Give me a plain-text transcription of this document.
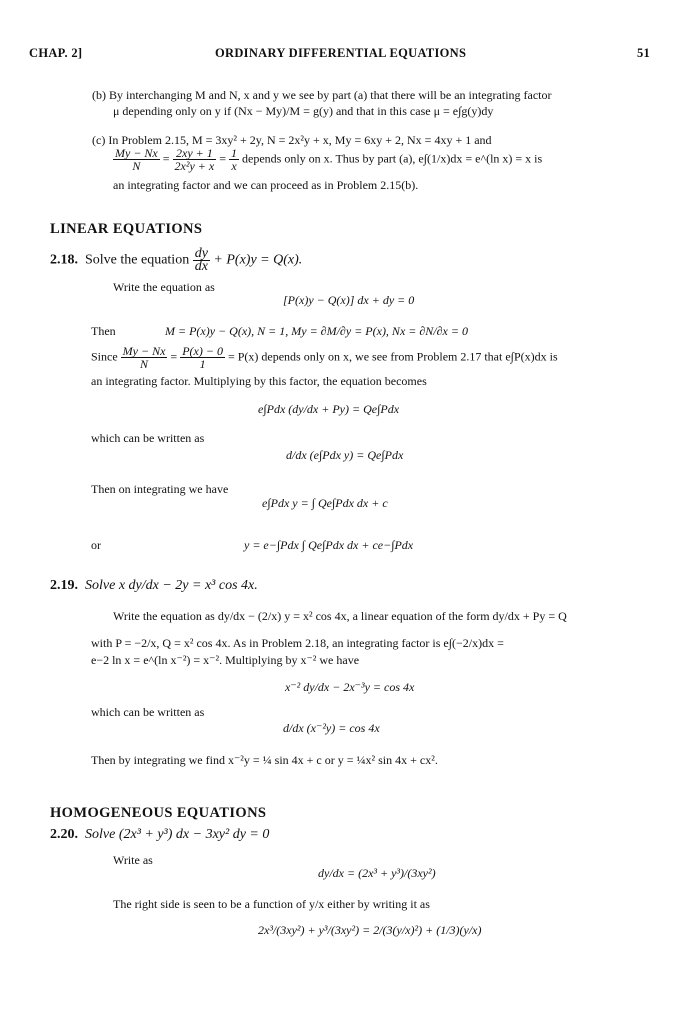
CHAP. 2]	ORDINARY DIFFERENTIAL EQUATIONS	51
(b) By interchanging M and N, x and y we see by part (a) that there will be an integrating factor
μ depending only on y if (Nx − My)/M = g(y) and that in this case μ = e∫g(y)dy
(c) In Problem 2.15, M = 3xy² + 2y, N = 2x²y + x, My = 6xy + 2, Nx = 4xy + 1 and
$\frac{My - Nx}{N} = \frac{2xy + 1}{\text{2x²y + x}} = \frac{1}{x}$ depends only on x. Thus by part (a), e∫(1/x)dx = e^(ln x) = x is
an integrating factor and we can proceed as in Problem 2.15(b).
LINEAR EQUATIONS
2.18. Solve the equation $\frac{dy}{dx} + P(x)y = Q(x)$.
Write the equation as
[P(x)y − Q(x)] dx + dy = 0
Then	M = P(x)y − Q(x), N = 1, My = ∂M/∂y = P(x), Nx = ∂N/∂x = 0
Since $\frac{My - Nx}{N} = \frac{P(x) - 0}{1} = P(x)$ depends only on x, we see from Problem 2.17 that e∫P(x)dx is
an integrating factor. Multiplying by this factor, the equation becomes
e∫Pdx (dy/dx + Py) = Qe∫Pdx
which can be written as
d/dx (e∫Pdx y) = Qe∫Pdx
Then on integrating we have
e∫Pdx y = ∫ Qe∫Pdx dx + c
or	y = e−∫Pdx ∫ Qe∫Pdx dx + ce−∫Pdx
2.19. Solve x dy/dx − 2y = x³ cos 4x.
Write the equation as dy/dx − (2/x) y = x² cos 4x, a linear equation of the form dy/dx + Py = Q
with P = −2/x, Q = x² cos 4x. As in Problem 2.18, an integrating factor is e∫(−2/x)dx =
e−2 ln x = e^(ln x⁻²) = x⁻². Multiplying by x⁻² we have
x⁻² dy/dx − 2x⁻³y = cos 4x
which can be written as
d/dx (x⁻²y) = cos 4x
Then by integrating we find x⁻²y = ¼ sin 4x + c or y = ¼x² sin 4x + cx².
HOMOGENEOUS EQUATIONS
2.20. Solve (2x³ + y³) dx − 3xy² dy = 0
Write as
dy/dx = (2x³ + y³)/(3xy²)
The right side is seen to be a function of y/x either by writing it as
2x³/(3xy²) + y³/(3xy²) = 2/(3(y/x)²) + (1/3)(y/x)
